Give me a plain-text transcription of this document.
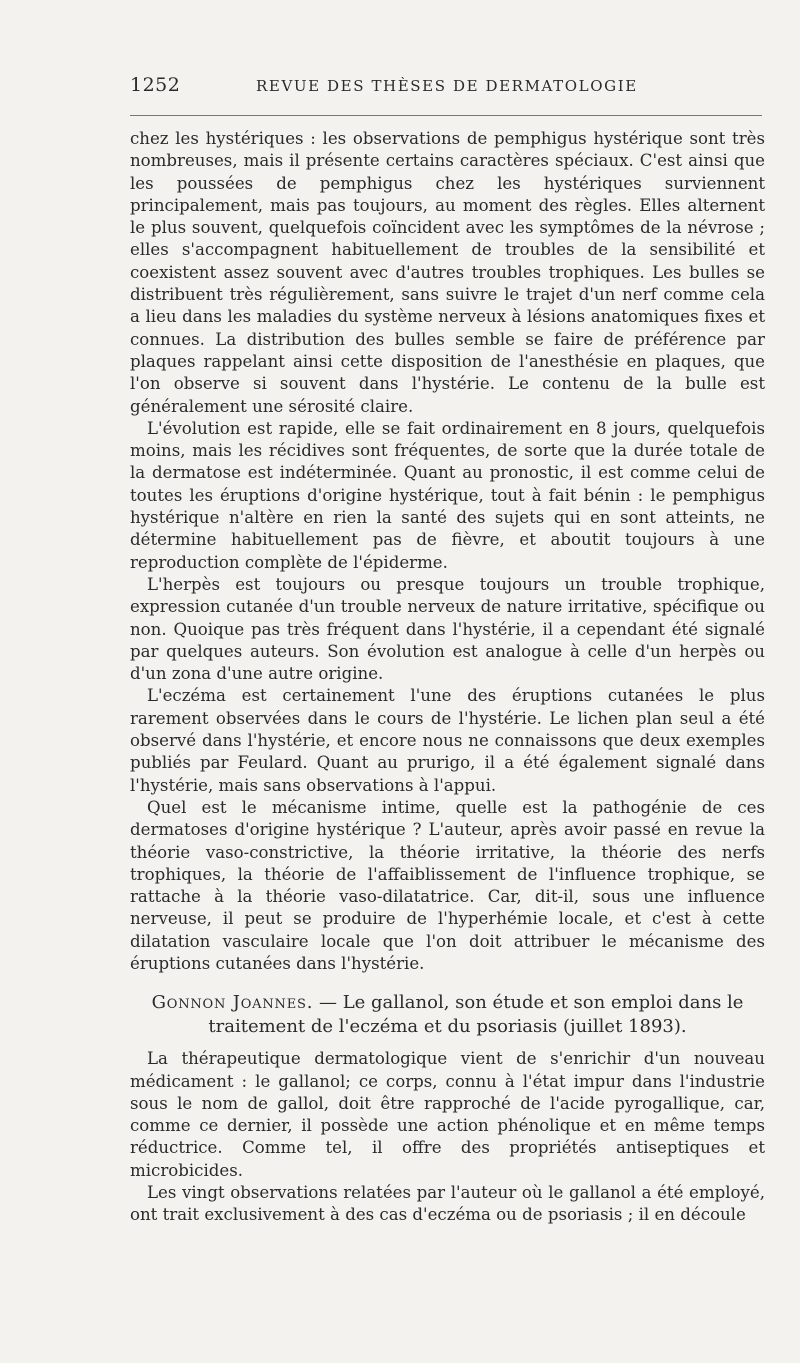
1252	REVUE DES THÈSES DE DERMATOLOGIE

chez les hystériques : les observations de pemphigus hystérique sont très nombreuses, mais il présente certains caractères spéciaux. C'est ainsi que les poussées de pemphigus chez les hystériques surviennent principalement, mais pas toujours, au moment des règles. Elles alternent le plus souvent, quelquefois coïncident avec les symptômes de la névrose ; elles s'accompagnent habituellement de troubles de la sensibilité et coexistent assez souvent avec d'autres troubles trophiques. Les bulles se distribuent très régulièrement, sans suivre le trajet d'un nerf comme cela a lieu dans les maladies du système nerveux à lésions anatomiques fixes et connues. La distribution des bulles semble se faire de préférence par plaques rappelant ainsi cette disposition de l'anesthésie en plaques, que l'on observe si souvent dans l'hystérie. Le contenu de la bulle est généralement une sérosité claire.

L'évolution est rapide, elle se fait ordinairement en 8 jours, quelquefois moins, mais les récidives sont fréquentes, de sorte que la durée totale de la dermatose est indéterminée. Quant au pronostic, il est comme celui de toutes les éruptions d'origine hystérique, tout à fait bénin : le pemphigus hystérique n'altère en rien la santé des sujets qui en sont atteints, ne détermine habituellement pas de fièvre, et aboutit toujours à une reproduction complète de l'épiderme.

L'herpès est toujours ou presque toujours un trouble trophique, expression cutanée d'un trouble nerveux de nature irritative, spécifique ou non. Quoique pas très fréquent dans l'hystérie, il a cependant été signalé par quelques auteurs. Son évolution est analogue à celle d'un herpès ou d'un zona d'une autre origine.

L'eczéma est certainement l'une des éruptions cutanées le plus rarement observées dans le cours de l'hystérie. Le lichen plan seul a été observé dans l'hystérie, et encore nous ne connaissons que deux exemples publiés par Feulard. Quant au prurigo, il a été également signalé dans l'hystérie, mais sans observations à l'appui.

Quel est le mécanisme intime, quelle est la pathogénie de ces dermatoses d'origine hystérique ? L'auteur, après avoir passé en revue la théorie vaso-constrictive, la théorie irritative, la théorie des nerfs trophiques, la théorie de l'affaiblissement de l'influence trophique, se rattache à la théorie vaso-dilatatrice. Car, dit-il, sous une influence nerveuse, il peut se produire de l'hyperhémie locale, et c'est à cette dilatation vasculaire locale que l'on doit attribuer le mécanisme des éruptions cutanées dans l'hystérie.

Gonnon Joannes. — Le gallanol, son étude et son emploi dans le traitement de l'eczéma et du psoriasis (juillet 1893).

La thérapeutique dermatologique vient de s'enrichir d'un nouveau médicament : le gallanol; ce corps, connu à l'état impur dans l'industrie sous le nom de gallol, doit être rapproché de l'acide pyrogallique, car, comme ce dernier, il possède une action phénolique et en même temps réductrice. Comme tel, il offre des propriétés antiseptiques et microbicides.

Les vingt observations relatées par l'auteur où le gallanol a été employé, ont trait exclusivement à des cas d'eczéma ou de psoriasis ; il en découle
